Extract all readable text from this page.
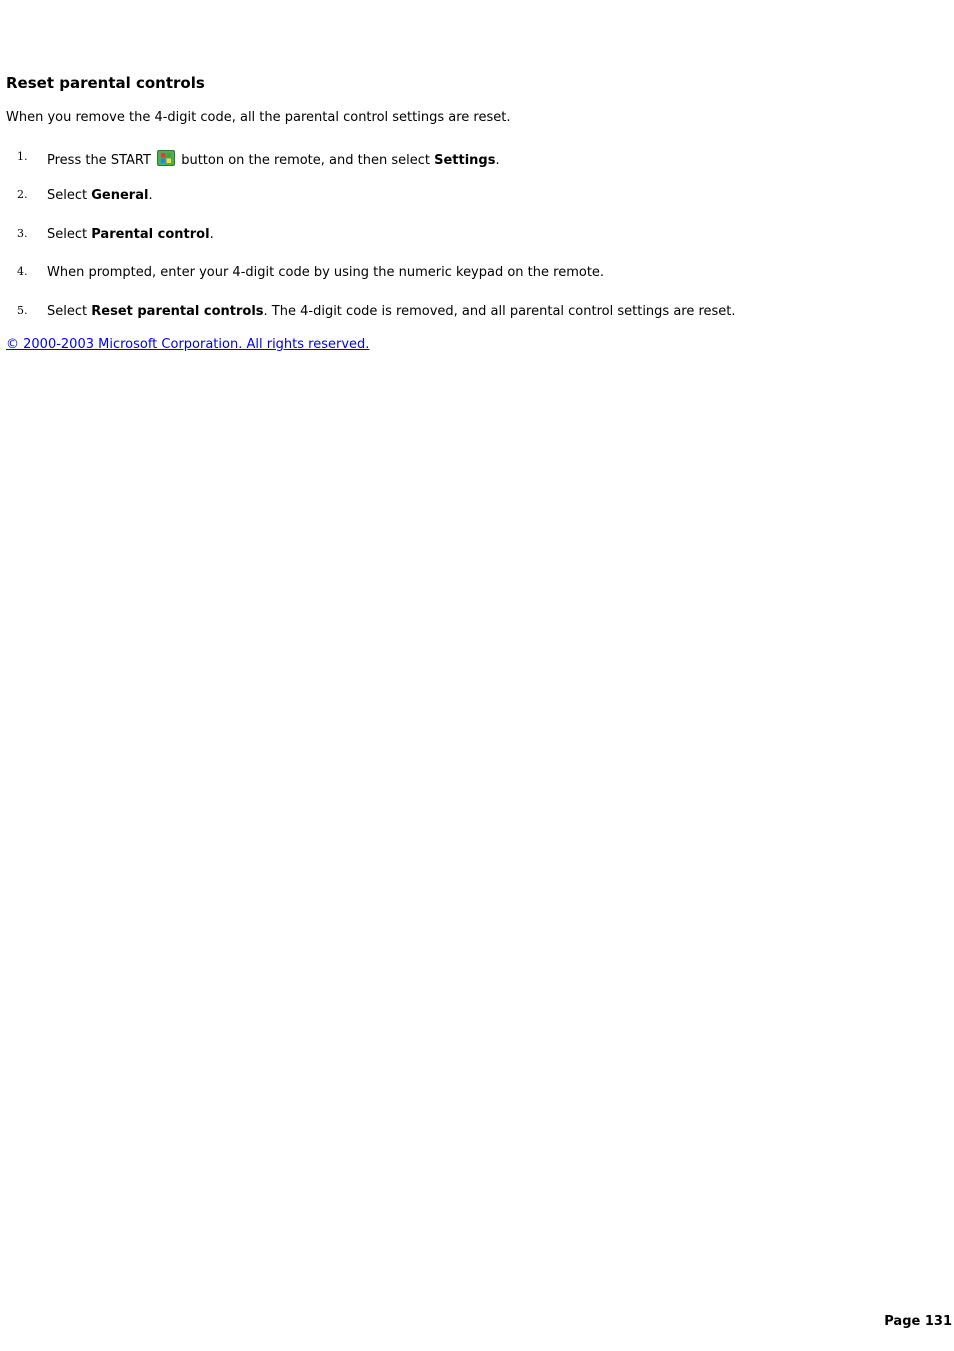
Reset parental controls

When you remove the 4-digit code, all the parental control settings are reset.

1. Press the START button on the remote, and then select Settings.
2. Select General.
3. Select Parental control.
4. When prompted, enter your 4-digit code by using the numeric keypad on the remote.
5. Select Reset parental controls. The 4-digit code is removed, and all parental control settings are reset.
© 2000-2003 Microsoft Corporation. All rights reserved.
Page 131
